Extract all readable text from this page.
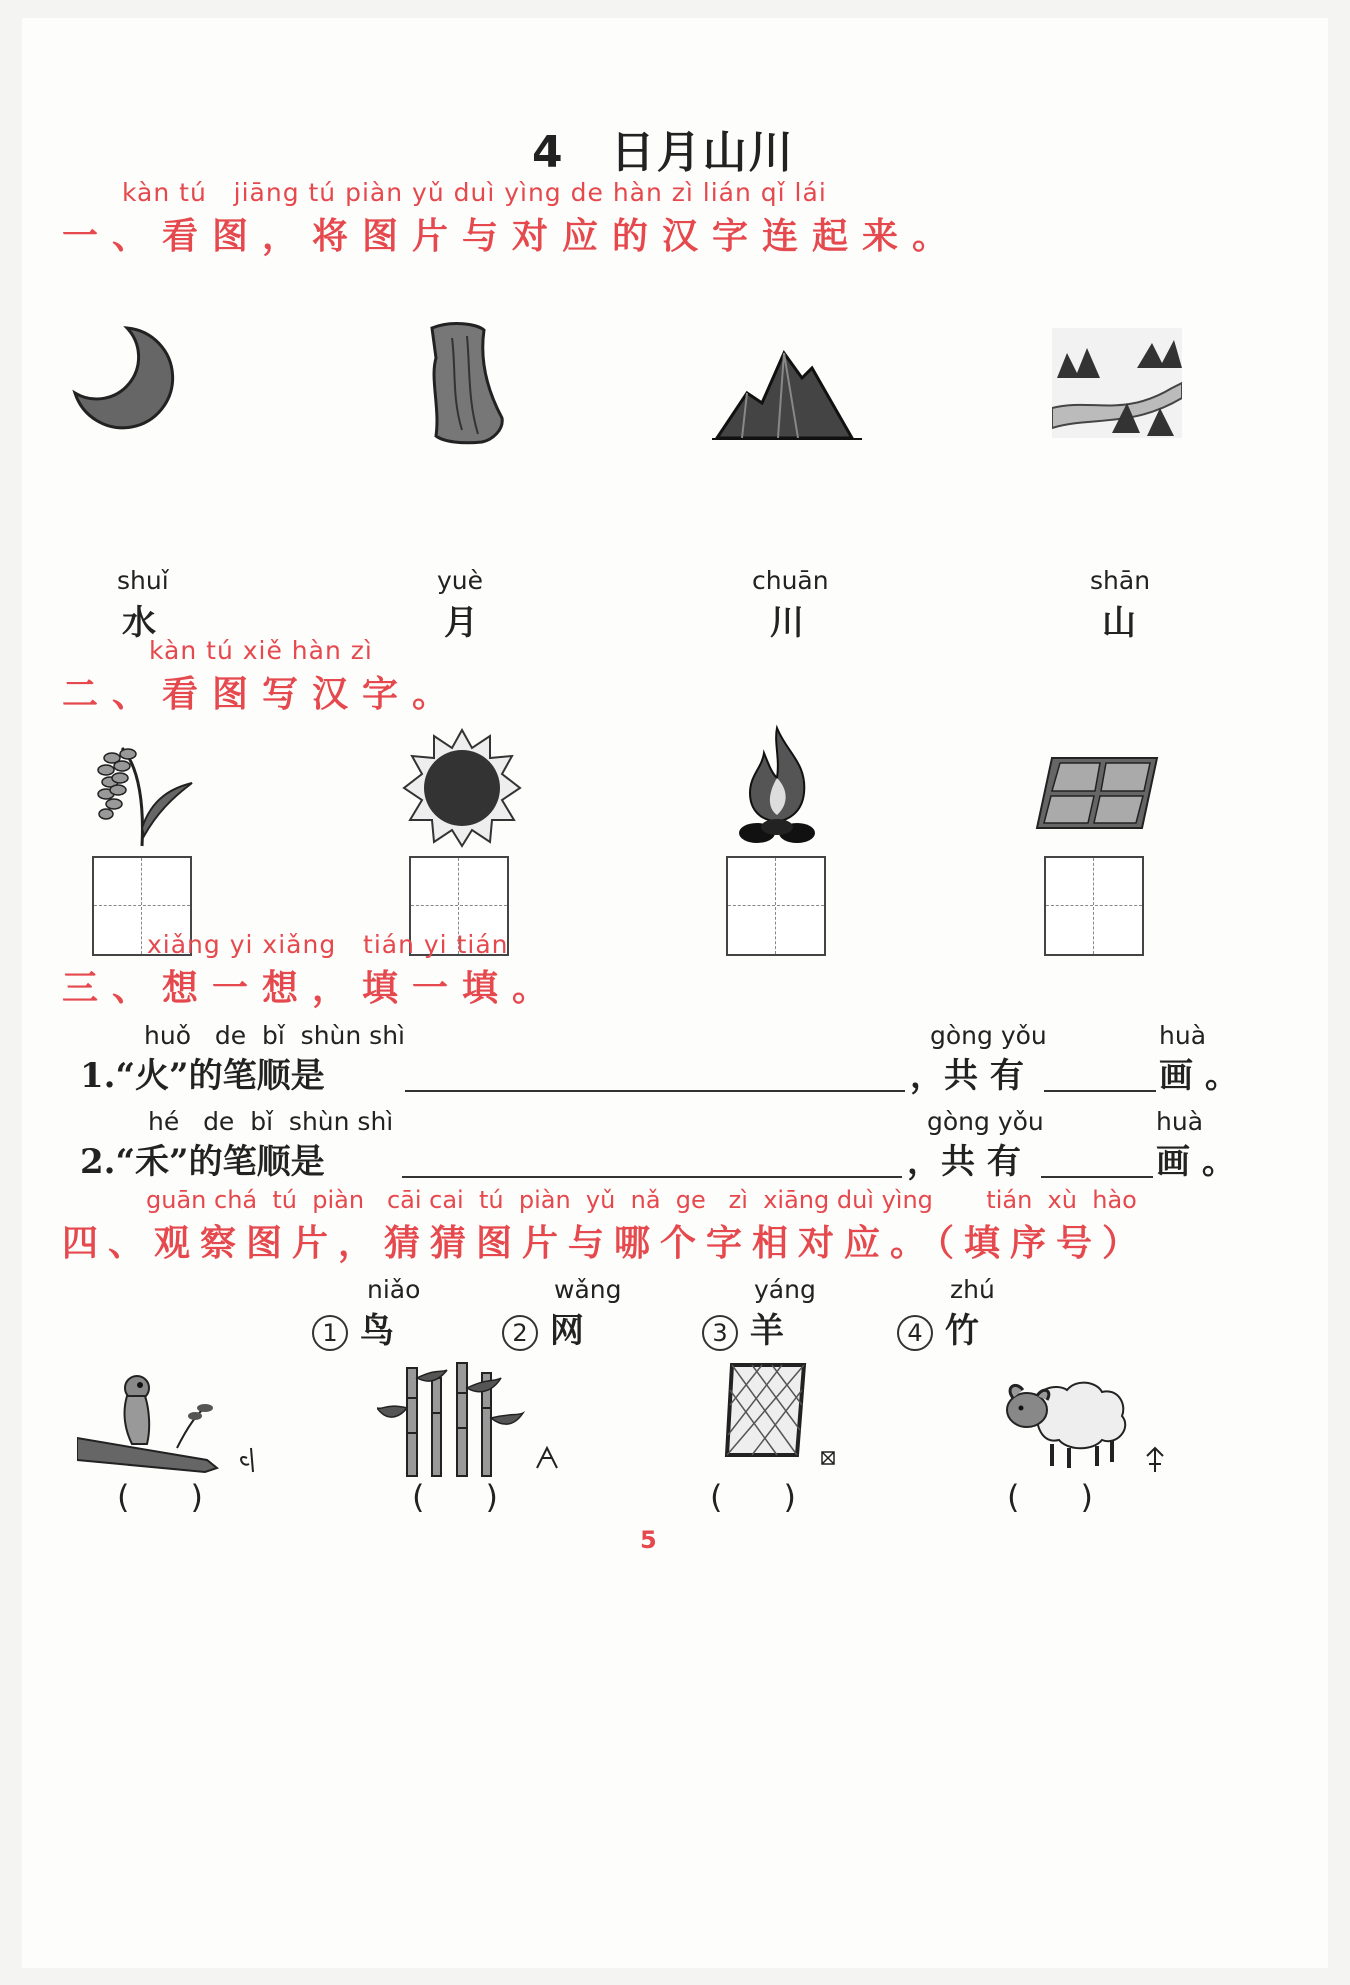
4　日月山川
kàn tú   jiāng tú piàn yǔ duì yìng de hàn zì lián qǐ lái
一、看图，将图片与对应的汉字连起来。
shuǐ
水
yuè
月
chuān
川
shān
山
kàn tú xiě hàn zì
二、看图写汉字。
xiǎng yi xiǎng   tián yi tián
三、想一想，填一填。
huǒ   de  bǐ  shùn shì
1.“火”的笔顺是
gòng yǒu
，共 有
huà
画 。
hé   de  bǐ  shùn shì
2.“禾”的笔顺是
gòng yǒu
，共 有
huà
画 。
guān chá  tú  piàn   cāi cai  tú  piàn  yǔ  nǎ  ge   zì  xiāng duì yìng       tián  xù  hào
四、观察图片，猜猜图片与哪个字相对应。（填序号）
niǎo
1 鸟
wǎng
2 网
yáng
3 羊
zhú
4 竹
(      )	(      )	(      )	(      )
5
